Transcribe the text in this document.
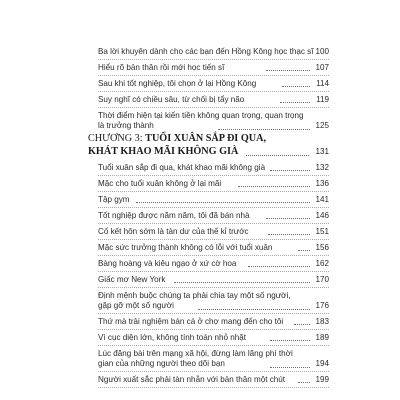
Ba lời khuyên dành cho các bạn đến Hồng Kông học thạc sĩ 100
Hiểu rõ bản thân rồi mới học tiến sĩ	107
Sau khi tốt nghiệp, tôi chọn ở lại Hồng Kông	114
Suy nghĩ có chiều sâu, từ chối bị tẩy não	119
Thời điểm hiện tại kiến tiền không quan trọng, quan trọng là trưởng thành	125
CHƯƠNG 3: TUỔI XUÂN SẮP ĐI QUA,
KHÁT KHAO MÃI KHÔNG GIÀ	131
Tuổi xuân sắp đi qua, khát khao mãi không già	132
Mặc cho tuổi xuân không ở lại mãi	136
Tập gym	141
Tốt nghiệp được năm năm, tôi đã bán nhà	146
Cố kết hôn sớm là tàn dư của thế kỉ trước	151
Mặc sức trưởng thành không có lỗi với tuổi xuân	156
Bàng hoàng và kiêu ngạo ở xứ cờ hoa	162
Giấc mơ New York	170
Định mệnh buộc chúng ta phải chia tay một số người, gặp gỡ một số người	176
Thứ mà trải nghiệm bán cá ở chợ mang đến cho tôi	183
Vì cục diện lớn, không tính toán nhỏ nhặt	189
Lúc đăng bài trên mạng xã hội, đừng làm lãng phí thời gian của những người theo dõi bạn	194
Người xuất sắc phải tàn nhẫn với bản thân một chút	199
